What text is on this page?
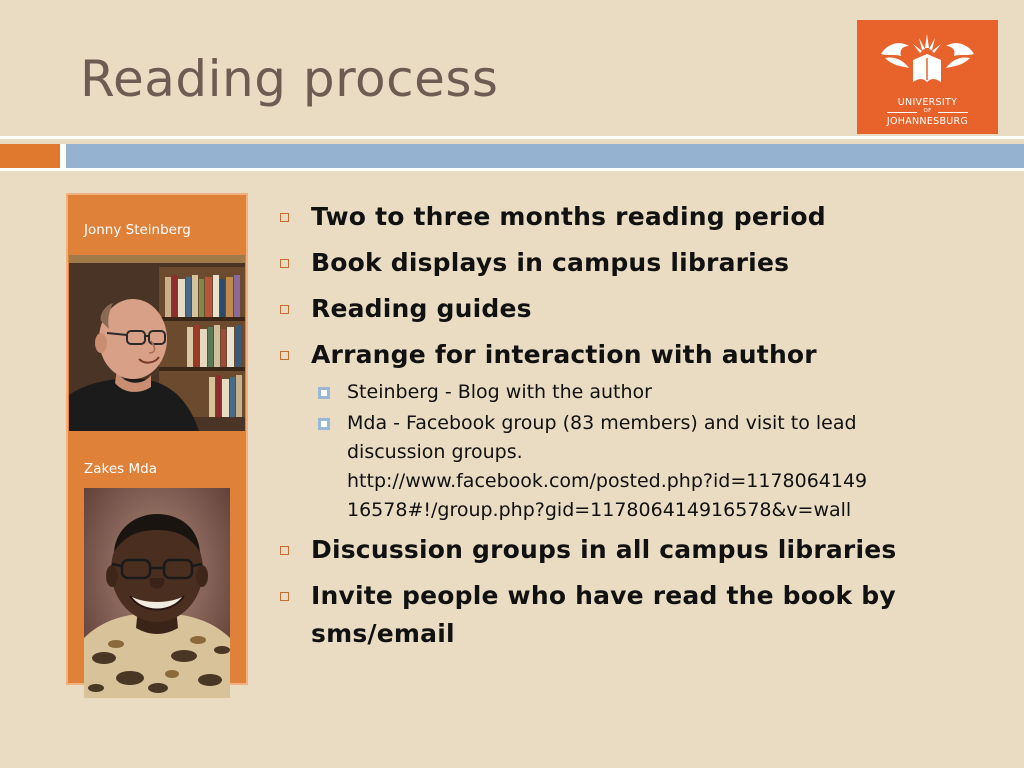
Reading process	UNIVERSITY
OF
JOHANNESBURG
Jonny Steinberg
Zakes Mda
Two to three months reading period
Book displays in campus libraries
Reading guides
Arrange for interaction with author
Steinberg - Blog with the author
Mda - Facebook group (83 members) and visit to lead
discussion groups.
http://www.facebook.com/posted.php?id=1178064149
16578#!/group.php?gid=117806414916578&v=wall
Discussion groups in all campus libraries
Invite people who have read the book by
sms/email
